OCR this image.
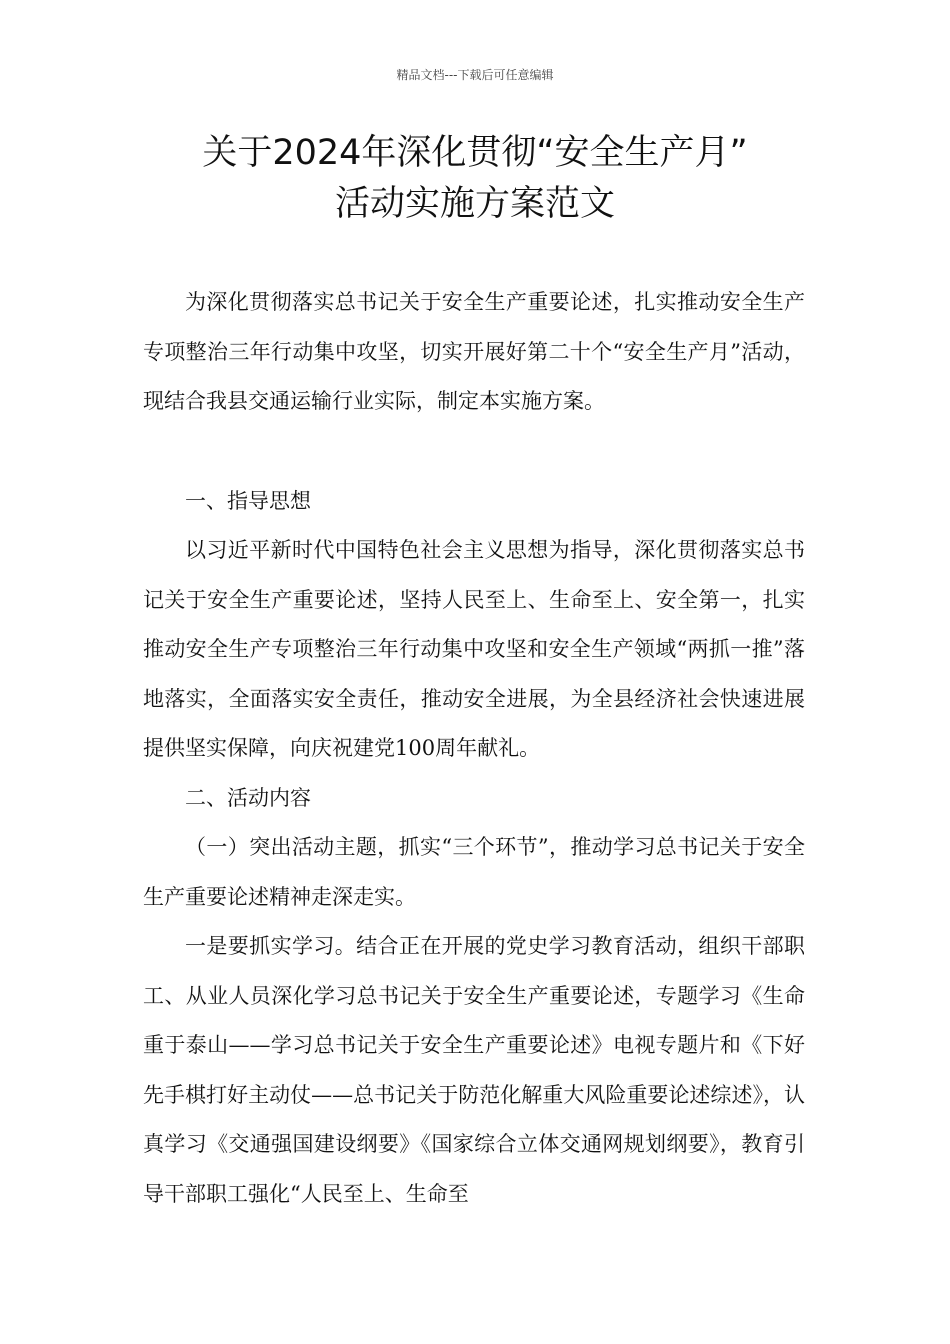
精品文档---下载后可任意编辑
关于2024年深化贯彻“安全生产月”
活动实施方案范文

为深化贯彻落实总书记关于安全生产重要论述，扎实推动安全生产专项整治三年行动集中攻坚，切实开展好第二十个“安全生产月”活动，现结合我县交通运输行业实际，制定本实施方案。

一、指导思想

以习近平新时代中国特色社会主义思想为指导，深化贯彻落实总书记关于安全生产重要论述，坚持人民至上、生命至上、安全第一，扎实推动安全生产专项整治三年行动集中攻坚和安全生产领域“两抓一推”落地落实，全面落实安全责任，推动安全进展，为全县经济社会快速进展提供坚实保障，向庆祝建党100周年献礼。

二、活动内容

（一）突出活动主题，抓实“三个环节”，推动学习总书记关于安全生产重要论述精神走深走实。

一是要抓实学习。结合正在开展的党史学习教育活动，组织干部职工、从业人员深化学习总书记关于安全生产重要论述，专题学习《生命重于泰山——学习总书记关于安全生产重要论述》电视专题片和《下好先手棋打好主动仗——总书记关于防范化解重大风险重要论述综述》，认真学习《交通强国建设纲要》《国家综合立体交通网规划纲要》，教育引导干部职工强化“人民至上、生命至
